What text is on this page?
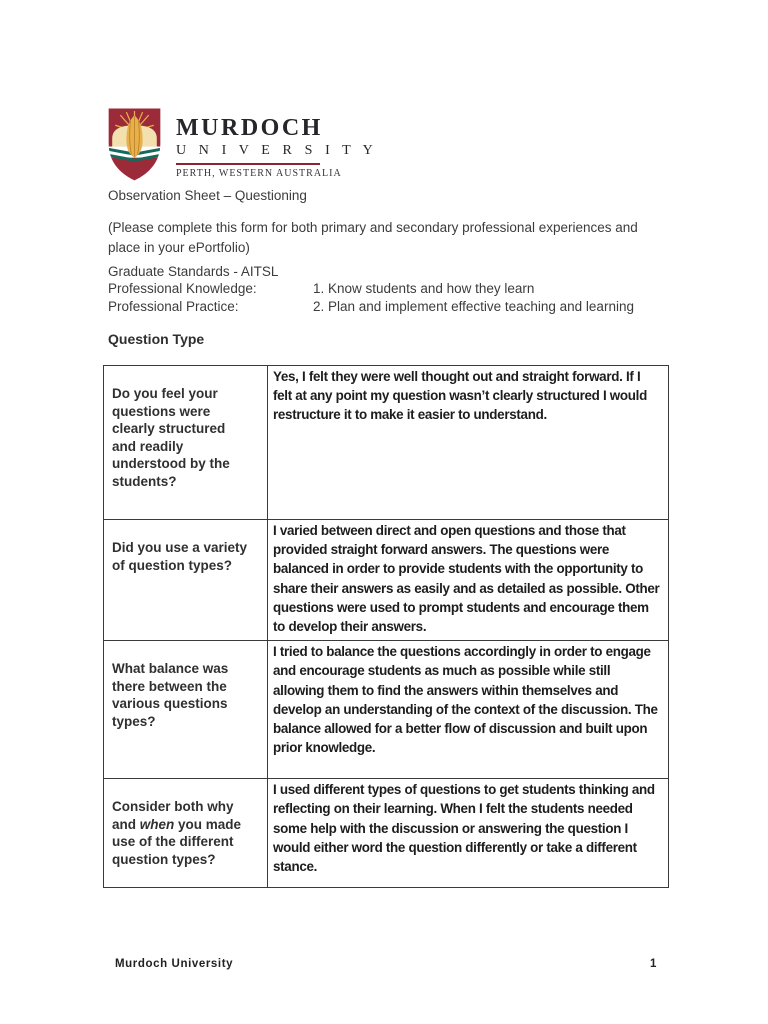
MURDOCH
U N I V E R S I T Y
PERTH, WESTERN AUSTRALIA
Observation Sheet – Questioning
(Please complete this form for both primary and secondary professional experiences and place in your ePortfolio)
Graduate Standards - AITSL
Professional Knowledge:	1. Know students and how they learn
Professional Practice:	2. Plan and implement effective teaching and learning
Question Type
Do you feel your questions were clearly structured and readily understood by the students?	Yes, I felt they were well thought out and straight forward. If I felt at any point my question wasn’t clearly structured I would restructure it to make it easier to understand.
Did you use a variety of question types?	I varied between direct and open questions and those that provided straight forward answers. The questions were balanced in order to provide students with the opportunity to share their answers as easily and as detailed as possible. Other questions were used to prompt students and encourage them to develop their answers.
What balance was there between the various questions types?	I tried to balance the questions accordingly in order to engage and encourage students as much as possible while still allowing them to find the answers within themselves and develop an understanding of the context of the discussion. The balance allowed for a better flow of discussion and built upon prior knowledge.
Consider both why and when you made use of the different question types?	I used different types of questions to get students thinking and reflecting on their learning. When I felt the students needed some help with the discussion or answering the question I would either word the question differently or take a different stance.
Murdoch University	1
